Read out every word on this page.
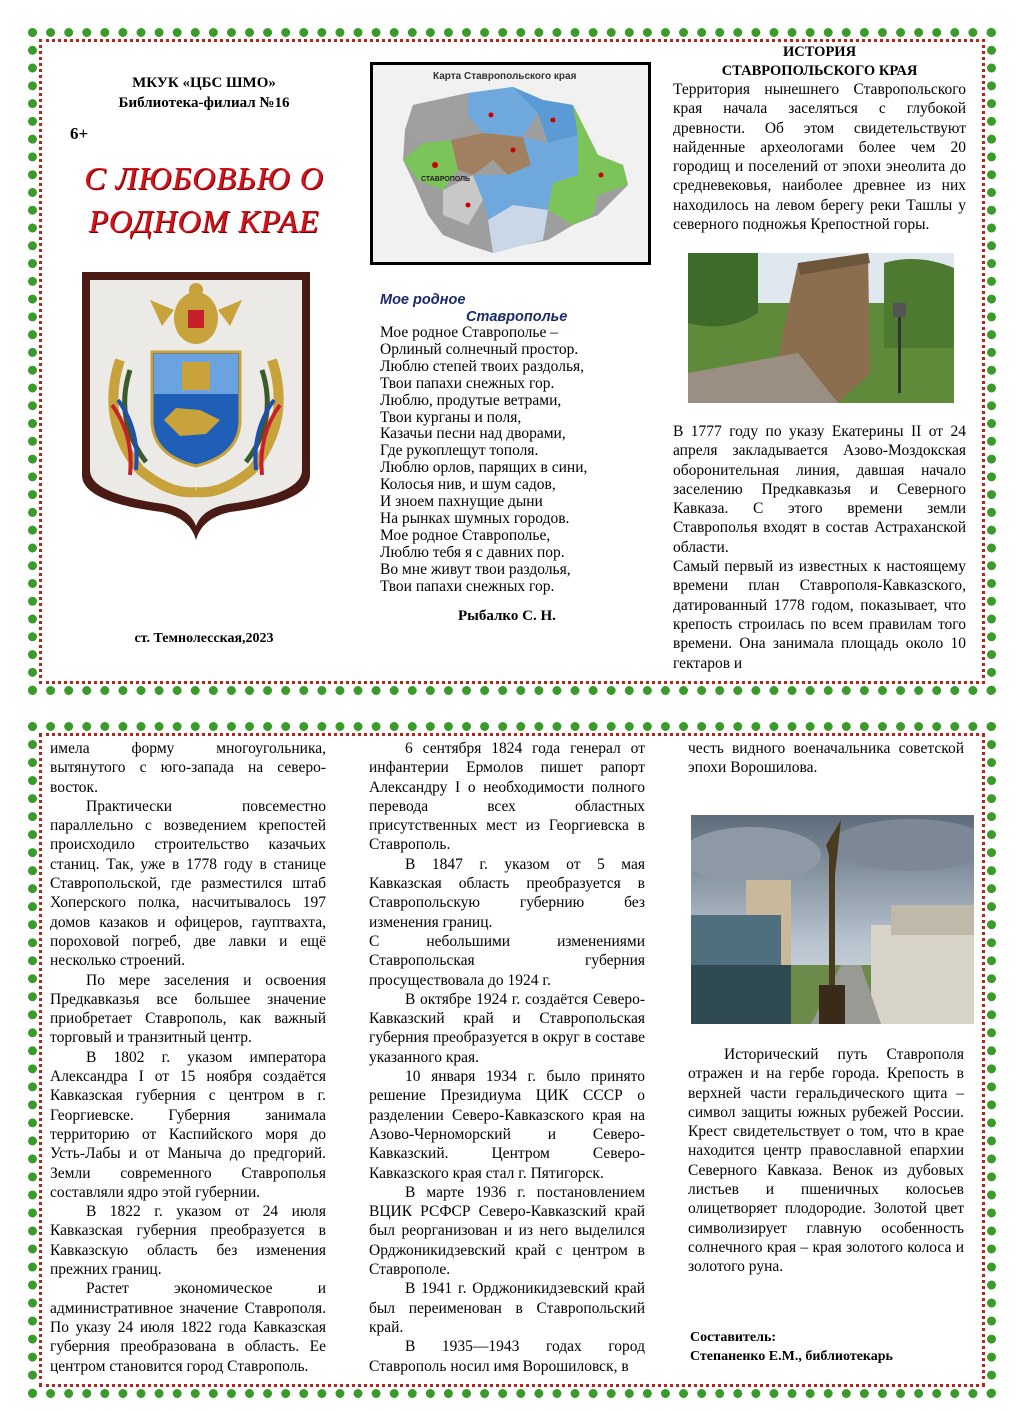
МКУК «ЦБС ШМО»
Библиотека-филиал №16
6+
С ЛЮБОВЬЮ О
РОДНОМ КРАЕ
ст. Темнолесская,2023
Карта Ставропольского края
СТАВРОПОЛЬ
Мое родное
Ставрополье
Мое родное Ставрополье –
Орлиный солнечный простор.
Люблю степей твоих раздолья,
Твои папахи снежных гор.
Люблю, продутые ветрами,
Твои курганы и поля,
Казачьи песни над дворами,
Где рукоплещут тополя.
Люблю орлов, парящих в сини,
Колосья нив, и шум садов,
И зноем пахнущие дыни
На рынках шумных городов.
Мое родное Ставрополье,
Люблю тебя я с давних пор.
Во мне живут твои раздолья,
Твои папахи снежных гор.
Рыбалко С. Н.
ИСТОРИЯ
СТАВРОПОЛЬСКОГО КРАЯ
Территория нынешнего Ставропольского края начала заселяться с глубокой древности. Об этом свидетельствуют найденные археологами более чем 20 городищ и поселений от эпохи энеолита до средневековья, наиболее древнее из них находилось на левом берегу реки Ташлы у северного подножья Крепостной горы.

В 1777 году по указу Екатерины II от 24 апреля закладывается Азово-Моздокская оборонительная линия, давшая начало заселению Предкавказья и Северного Кавказа. С этого времени земли Ставрополья входят в состав Астраханской области.

Самый первый из известных к настоящему времени план Ставрополя-Кавказского, датированный 1778 годом, показывает, что крепость строилась по всем правилам того времени. Она занимала площадь около 10 гектаров и

имела форму многоугольника, вытянутого с юго-запада на северо-восток.

Практически повсеместно параллельно с возведением крепостей происходило строительство казачьих станиц. Так, уже в 1778 году в станице Ставропольской, где разместился штаб Хоперского полка, насчитывалось 197 домов казаков и офицеров, гауптвахта, пороховой погреб, две лавки и ещё несколько строений.

По мере заселения и освоения Предкавказья все большее значение приобретает Ставрополь, как важный торговый и транзитный центр.

В 1802 г. указом императора Александра I от 15 ноября создаётся Кавказская губерния с центром в г. Георгиевске. Губерния занимала территорию от Каспийского моря до Усть-Лабы и от Маныча до предгорий. Земли современного Ставрополья составляли ядро этой губернии.

В 1822 г. указом от 24 июля Кавказская губерния преобразуется в Кавказскую область без изменения прежних границ.

Растет экономическое и административное значение Ставрополя. По указу 24 июля 1822 года Кавказская губерния преобразована в область. Ее центром становится город Ставрополь.

6 сентября 1824 года генерал от инфантерии Ермолов пишет рапорт Александру I о необходимости полного перевода всех областных присутственных мест из Георгиевска в Ставрополь.

В 1847 г. указом от 5 мая Кавказская область преобразуется в Ставропольскую губернию без изменения границ.

С небольшими изменениями Ставропольская губерния просуществовала до 1924 г.

В октябре 1924 г. создаётся Северо-Кавказский край и Ставропольская губерния преобразуется в округ в составе указанного края.

10 января 1934 г. было принято решение Президиума ЦИК СССР о разделении Северо-Кавказского края на Азово-Черноморский и Северо-Кавказский. Центром Северо-Кавказского края стал г. Пятигорск.

В марте 1936 г. постановлением ВЦИК РСФСР Северо-Кавказский край был реорганизован и из него выделился Орджоникидзевский край с центром в Ставрополе.

В 1941 г. Орджоникидзевский край был переименован в Ставропольский край.

В 1935—1943 годах город Ставрополь носил имя Ворошиловск, в

честь видного военачальника советской эпохи Ворошилова.

Исторический путь Ставрополя отражен и на гербе города. Крепость в верхней части геральдического щита – символ защиты южных рубежей России. Крест свидетельствует о том, что в крае находится центр православной епархии Северного Кавказа. Венок из дубовых листьев и пшеничных колосьев олицетворяет плодородие. Золотой цвет символизирует главную особенность солнечного края – края золотого колоса и золотого руна.

Составитель:
Степаненко Е.М., библиотекарь
